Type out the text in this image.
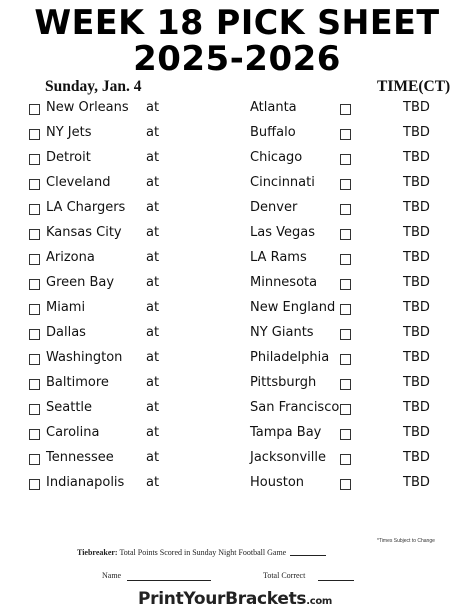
WEEK 18 PICK SHEET
2025-2026
Sunday, Jan. 4	TIME(CT)
New Orleans at	Atlanta	TBD
NY Jets	at	Buffalo	TBD
Detroit	at	Chicago	TBD
Cleveland	at	Cincinnati	TBD
LA Chargers at	Denver	TBD
Kansas City at	Las Vegas	TBD
Arizona	at	LA Rams	TBD
Green Bay at	Minnesota	TBD
Miami	at	New England	TBD
Dallas	at	NY Giants	TBD
Washington at	Philadelphia	TBD
Baltimore	at	Pittsburgh	TBD
Seattle	at	San Francisco	TBD
Carolina	at	Tampa Bay	TBD
Tennessee at	Jacksonville	TBD
Indianapolis at	Houston	TBD
*Times Subject to Change
Tiebreaker: Total Points Scored in Sunday Night Football Game
Name	Total Correct
PrintYourBrackets.com
